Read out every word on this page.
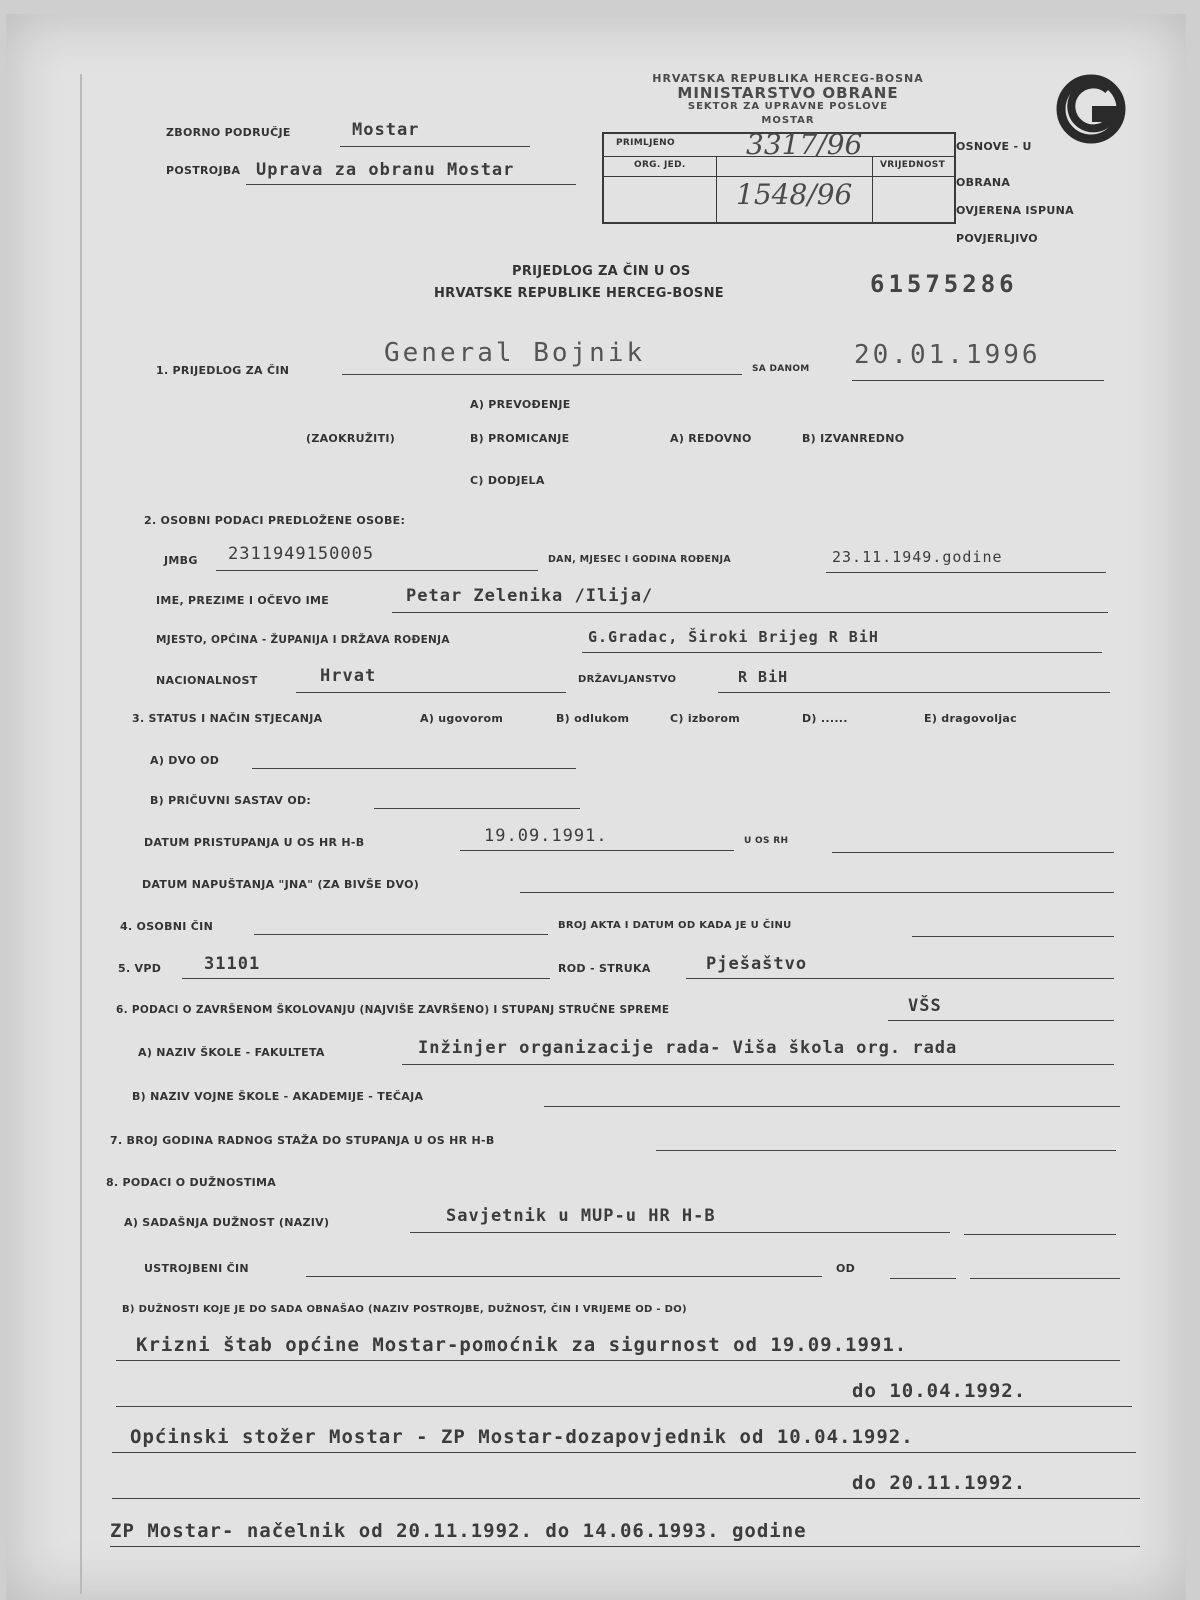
HRVATSKA REPUBLIKA HERCEG-BOSNA
MINISTARSTVO OBRANE
SEKTOR ZA UPRAVNE POSLOVE
MOSTAR
ZBORNO PODRUČJE	Mostar
POSTROJBA Uprava za obranu Mostar
PRIMLJENO
ORG. JED.	VRIJEDNOST
3317/96
1548/96
OSNOVE - U
OBRANA
OVJERENA ISPUNA
POVJERLJIVO
PRIJEDLOG ZA ČIN U OS
HRVATSKE REPUBLIKE HERCEG-BOSNE	61575286
1. PRIJEDLOG ZA ČIN
General Bojnik
SA DANOM 20.01.1996
A) PREVOĐENJE
(ZAOKRUŽITI)	B) PROMICANJE	A) REDOVNO	B) IZVANREDNO
C) DODJELA
2. OSOBNI PODACI PREDLOŽENE OSOBE:
JMBG 2311949150005	DAN, MJESEC I GODINA ROĐENJA	23.11.1949.godine
IME, PREZIME I OČEVO IME	Petar Zelenika /Ilija/
MJESTO, OPĆINA - ŽUPANIJA I DRŽAVA ROĐENJA	G.Gradac, Široki Brijeg R BiH
NACIONALNOST	Hrvat	DRŽAVLJANSTVO	R BiH
3. STATUS I NAČIN STJECANJA	A) ugovorom	B) odlukom	C) izborom	D) ......	E) dragovoljac
A) DVO OD
B) PRIČUVNI SASTAV OD:
DATUM PRISTUPANJA U OS HR H-B	19.09.1991.	U OS RH
DATUM NAPUŠTANJA "JNA" (ZA BIVŠE DVO)
4. OSOBNI ČIN	BROJ AKTA I DATUM OD KADA JE U ČINU
5. VPD	31101	ROD - STRUKA	Pješaštvo
6. PODACI O ZAVRŠENOM ŠKOLOVANJU (NAJVIŠE ZAVRŠENO) I STUPANJ STRUČNE SPREME	VŠS
A) NAZIV ŠKOLE - FAKULTETA	Inžinjer organizacije rada- Viša škola org. rada
B) NAZIV VOJNE ŠKOLE - AKADEMIJE - TEČAJA
7. BROJ GODINA RADNOG STAŽA DO STUPANJA U OS HR H-B
8. PODACI O DUŽNOSTIMA
A) SADAŠNJA DUŽNOST (NAZIV)	Savjetnik u MUP-u HR H-B
USTROJBENI ČIN	OD
B) DUŽNOSTI KOJE JE DO SADA OBNAŠAO (NAZIV POSTROJBE, DUŽNOST, ČIN I VRIJEME OD - DO)
Krizni štab općine Mostar-pomoćnik za sigurnost od 19.09.1991.
do 10.04.1992.
Općinski stožer Mostar - ZP Mostar-dozapovjednik od 10.04.1992.
do 20.11.1992.
ZP Mostar- načelnik od 20.11.1992. do 14.06.1993. godine
